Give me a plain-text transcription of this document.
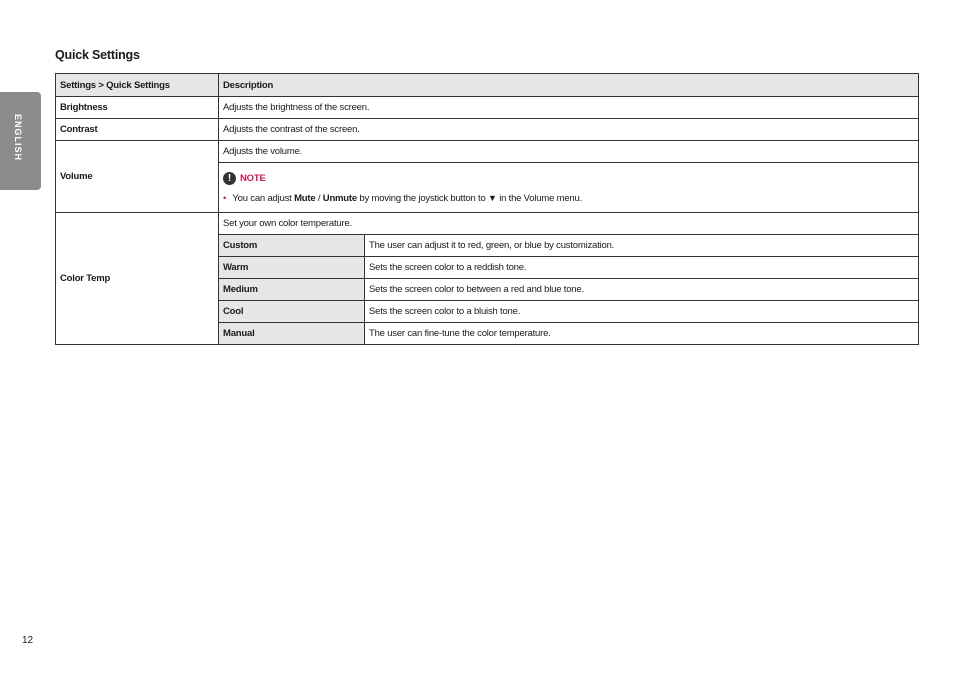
ENGLISH
Quick Settings
Settings > Quick Settings	Description	
Brightness	Adjusts the brightness of the screen.	
Contrast	Adjusts the contrast of the screen.	
Volume	Adjusts the volume.	

	! NOTE
• You can adjust Mute / Unmute by moving the joystick button to ▼ in the Volume menu.	

Color Temp	Set your own color temperature.	
	Custom	The user can adjust it to red, green, or blue by customization.
	Warm	Sets the screen color to a reddish tone.
	Medium	Sets the screen color to between a red and blue tone.
	Cool	Sets the screen color to a bluish tone.
	Manual	The user can fine-tune the color temperature.
12
